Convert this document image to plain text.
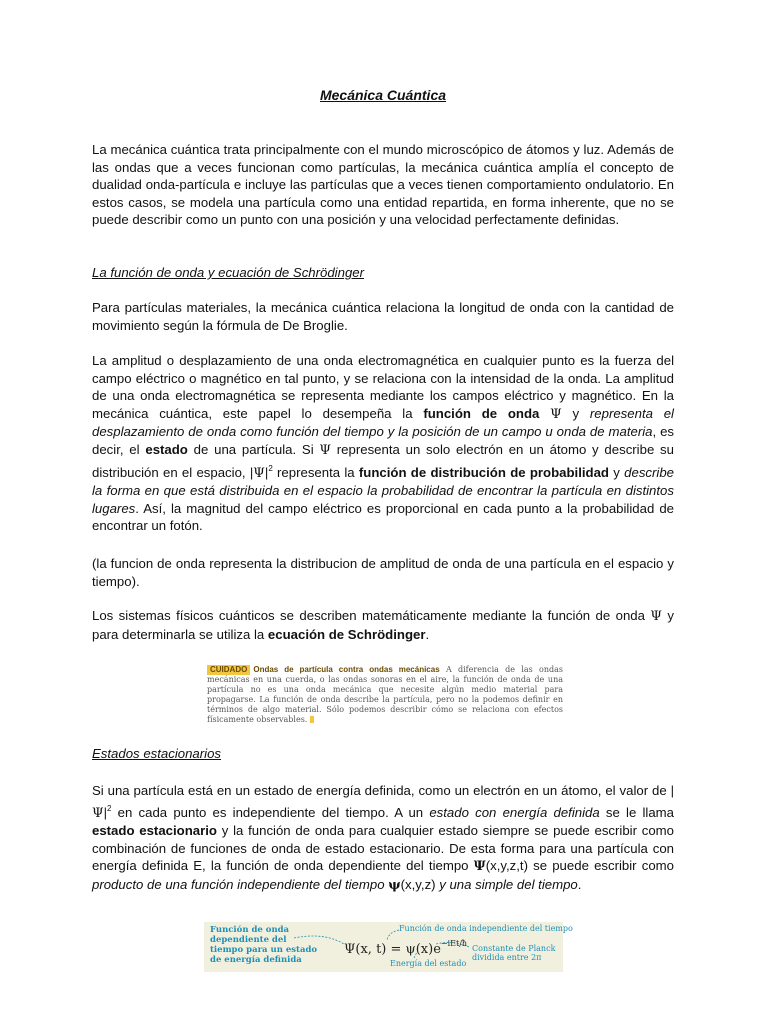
Mecánica Cuántica

La mecánica cuántica trata principalmente con el mundo microscópico de átomos y luz. Además de las ondas que a veces funcionan como partículas, la mecánica cuántica amplía el concepto de dualidad onda-partícula e incluye las partículas que a veces tienen comportamiento ondulatorio. En estos casos, se modela una partícula como una entidad repartida, en forma inherente, que no se puede describir como un punto con una posición y una velocidad perfectamente definidas.

La función de onda y ecuación de Schrödinger

Para partículas materiales, la mecánica cuántica relaciona la longitud de onda con la cantidad de movimiento según la fórmula de De Broglie.

La amplitud o desplazamiento de una onda electromagnética en cualquier punto es la fuerza del campo eléctrico o magnético en tal punto, y se relaciona con la intensidad de la onda. La amplitud de una onda electromagnética se representa mediante los campos eléctrico y magnético. En la mecánica cuántica, este papel lo desempeña la función de onda Ψ y representa el desplazamiento de onda como función del tiempo y la posición de un campo u onda de materia, es decir, el estado de una partícula. Si Ψ representa un solo electrón en un átomo y describe su distribución en el espacio, $|\Psi|^2$ representa la función de distribución de probabilidad y describe la forma en que está distribuida en el espacio la probabilidad de encontrar la partícula en distintos lugares. Así, la magnitud del campo eléctrico es proporcional en cada punto a la probabilidad de encontrar un fotón.

(la funcion de onda representa la distribucion de amplitud de onda de una partícula en el espacio y tiempo).

Los sistemas físicos cuánticos se describen matemáticamente mediante la función de onda Ψ y para determinarla se utiliza la ecuación de Schrödinger.

CUIDADO Ondas de partícula contra ondas mecánicas A diferencia de las ondas mecánicas en una cuerda, o las ondas sonoras en el aire, la función de onda de una partícula no es una onda mecánica que necesite algún medio material para propagarse. La función de onda describe la partícula, pero no la podemos definir en términos de algo material. Sólo podemos describir cómo se relaciona con efectos físicamente observables.
Estados estacionarios

Si una partícula está en un estado de energía definida, como un electrón en un átomo, el valor de $|\Psi|^2$ en cada punto es independiente del tiempo. A un estado con energía definida se le llama estado estacionario y la función de onda para cualquier estado siempre se puede escribir como combinación de funciones de onda de estado estacionario. De esta forma para una partícula con energía definida E, la función de onda dependiente del tiempo Ψ(x,y,z,t) se puede escribir como producto de una función independiente del tiempo ψ(x,y,z) y una simple del tiempo.

Función de onda dependiente del tiempo para un estado de energía definida
Ψ(x, $t) = \psi(x)e^{-iEt/ħ}$
Función de onda independiente del tiempo
Energía del estado
Constante de Planck dividida entre 2π
